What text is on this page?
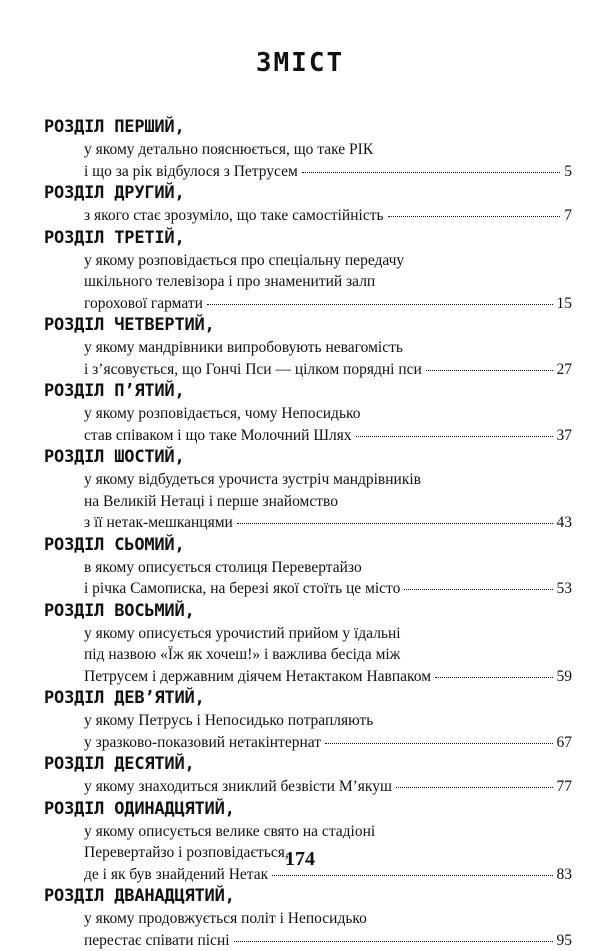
ЗМІСТ
РОЗДІЛ ПЕРШИЙ,
у якому детально пояснюється, що таке РІК
і що за рік відбулося з Петрусем	5
РОЗДІЛ ДРУГИЙ,
з якого стає зрозуміло, що таке самостійність	7
РОЗДІЛ ТРЕТІЙ,
у якому розповідається про спеціальну передачу
шкільного телевізора і про знаменитий залп
горохової гармати	15
РОЗДІЛ ЧЕТВЕРТИЙ,
у якому мандрівники випробовують невагомість
і з’ясовується, що Гончі Пси — цілком порядні пси	27
РОЗДІЛ П’ЯТИЙ,
у якому розповідається, чому Непосидько
став співаком і що таке Молочний Шлях	37
РОЗДІЛ ШОСТИЙ,
у якому відбудеться урочиста зустріч мандрівників
на Великій Нетаці і перше знайомство
з її нетак-мешканцями	43
РОЗДІЛ СЬОМИЙ,
в якому описується столиця Перевертайзо
і річка Самописка, на березі якої стоїть це місто	53
РОЗДІЛ ВОСЬМИЙ,
у якому описується урочистий прийом у їдальні
під назвою «Їж як хочеш!» і важлива бесіда між
Петрусем і державним діячем Нетактаком Навпаком	59
РОЗДІЛ ДЕВ’ЯТИЙ,
у якому Петрусь і Непосидько потрапляють
у зразково-показовий нетакінтернат	67
РОЗДІЛ ДЕСЯТИЙ,
у якому знаходиться зниклий безвісти М’якуш	77
РОЗДІЛ ОДИНАДЦЯТИЙ,
у якому описується велике свято на стадіоні
Перевертайзо і розповідається,
де і як був знайдений Нетак	83
РОЗДІЛ ДВАНАДЦЯТИЙ,
у якому продовжується політ і Непосидько
перестає співати пісні	95
174
